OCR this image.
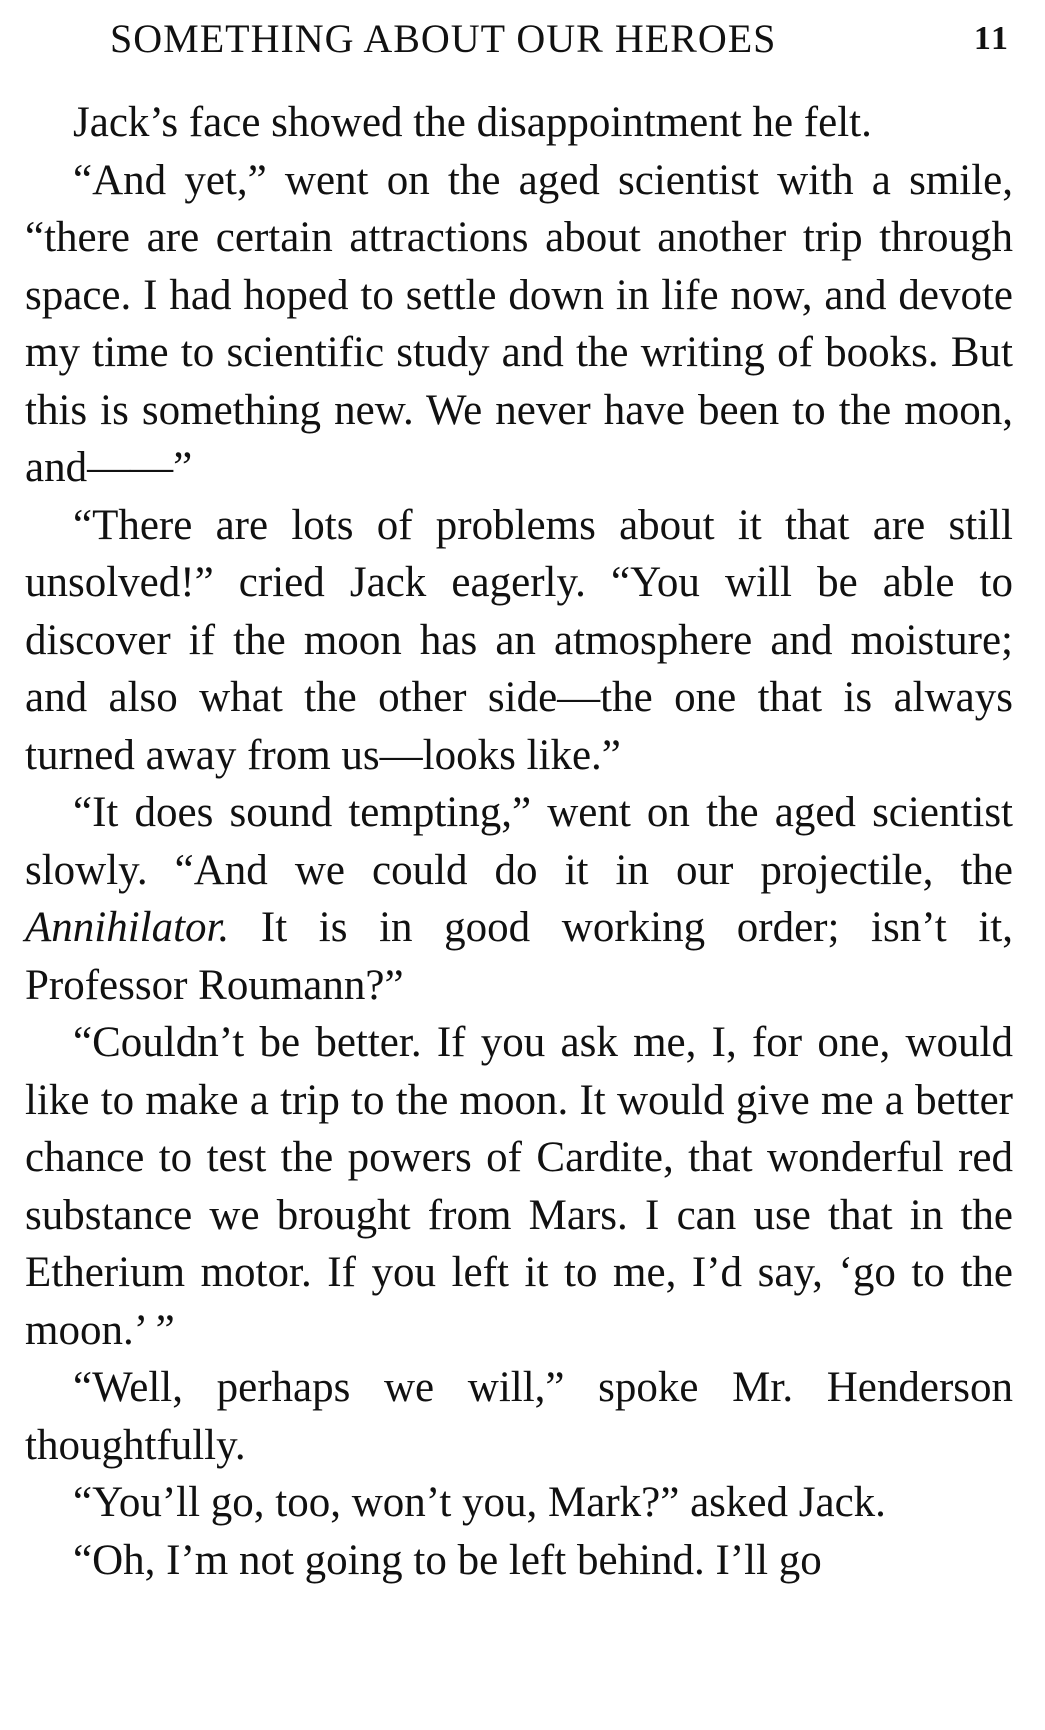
SOMETHING ABOUT OUR HEROES	11

Jack’s face showed the disappointment he felt.

“And yet,” went on the aged scientist with a smile, “there are certain attractions about another trip through space. I had hoped to settle down in life now, and devote my time to scientific study and the writing of books. But this is something new. We never have been to the moon, and——”

“There are lots of problems about it that are still unsolved!” cried Jack eagerly. “You will be able to discover if the moon has an atmosphere and moisture; and also what the other side—the one that is always turned away from us—looks like.”

“It does sound tempting,” went on the aged scientist slowly. “And we could do it in our projectile, the Annihilator. It is in good working order; isn’t it, Professor Roumann?”

“Couldn’t be better. If you ask me, I, for one, would like to make a trip to the moon. It would give me a better chance to test the powers of Cardite, that wonderful red substance we brought from Mars. I can use that in the Etherium motor. If you left it to me, I’d say, ‘go to the moon.’ ”

“Well, perhaps we will,” spoke Mr. Henderson thoughtfully.

“You’ll go, too, won’t you, Mark?” asked Jack.

“Oh, I’m not going to be left behind. I’ll go
